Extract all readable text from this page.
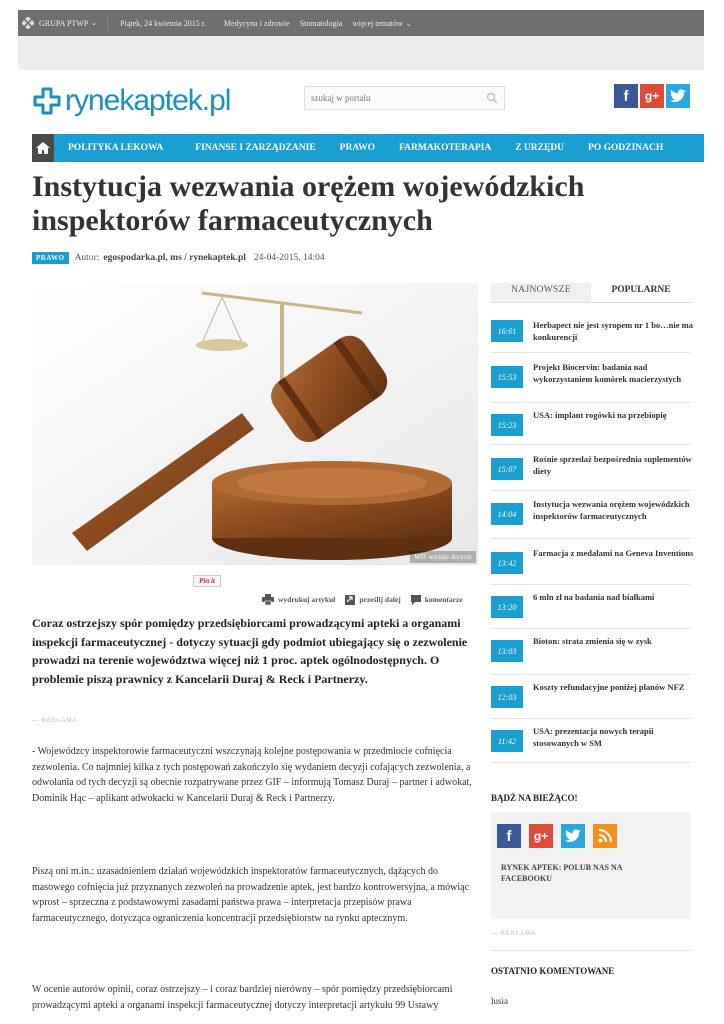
GRUPA PTWP ⌄	Piątek, 24 kwietnia 2015 r. Medycyna i zdrowie Stomatologia więcej tematów ⌄
rynekaptek.pl
szukaj w portalu	f	g+
POLITYKA LEKOWA	FINANSE I ZARZĄDZANIE	PRAWO	FARMAKOTERAPIA	Z URZĘDU	PO GODZINACH
Instytucja wezwania orężem wojewódzkich inspektorów farmaceutycznych
PRAWO	Autor: egospodarka.pl, ms / rynekaptek.pl 24-04-2015, 14:04
WIF wydaje decyzje
Pin it
wydrukuj artykuł	prześlij dalej	komentarze

Coraz ostrzejszy spór pomiędzy przedsiębiorcami prowadzącymi apteki a organami inspekcji farmaceutycznej - dotyczy sytuacji gdy podmiot ubiegający się o zezwolenie prowadzi na terenie województwa więcej niż 1 proc. aptek ogólnodostępnych. O problemie piszą prawnicy z Kancelarii Duraj & Reck i Partnerzy.

— REKLAMA

- Wojewódzcy inspektorowie farmaceutyczni wszczynają kolejne postępowania w przedmiocie cofnięcia zezwolenia. Co najmniej kilka z tych postępowań zakończyło się wydaniem decyzji cofających zezwolenia, a odwołania od tych decyzji są obecnie rozpatrywane przez GIF – informują Tomasz Duraj – partner i adwokat, Dominik Hąc – aplikant adwokacki w Kancelarii Duraj & Reck i Partnerzy.

Piszą oni m.in.: uzasadnieniem działań wojewódzkich inspektoratów farmaceutycznych, dążących do masowego cofnięcia już przyznanych zezwoleń na prowadzenie aptek, jest bardzo kontrowersyjna, a mówiąc wprost – sprzeczna z podstawowymi zasadami państwa prawa – interpretacja przepisów prawa farmaceutycznego, dotycząca ograniczenia koncentracji przedsiębiorstw na rynku aptecznym.

W ocenie autorów opinii, coraz ostrzejszy – i coraz bardziej nierówny – spór pomiędzy przedsiębiorcami prowadzącymi apteki a organami inspekcji farmaceutycznej dotyczy interpretacji artykułu 99 Ustawy

NAJNOWSZE	POPULARNE
16:01
Herbapect nie jest syropem nr 1 bo…nie ma konkurencji
15:53
Projekt Biocervin: badania nad wykorzystaniem komórek macierzystych
15:23
USA: implant rogówki na przebiopię
15:07
Rośnie sprzedaż bezpośrednia suplementów diety
14:04
Instytucja wezwania orężem wojewódzkich inspektorów farmaceutycznych
13:42
Farmacja z medalami na Geneva Inventions
13:20
6 mln zł na badania nad białkami
13:03
Bioton: strata zmienia się w zysk
12:03
Koszty refundacyjne poniżej planów NFZ
11:42
USA: prezentacja nowych terapii stosowanych w SM
BĄDŹ NA BIEŻĄCO!
f	g+
RYNEK APTEK: POLUB NAS NA FACEBOOKU
— REKLAMA
OSTATNIO KOMENTOWANE
lusia
